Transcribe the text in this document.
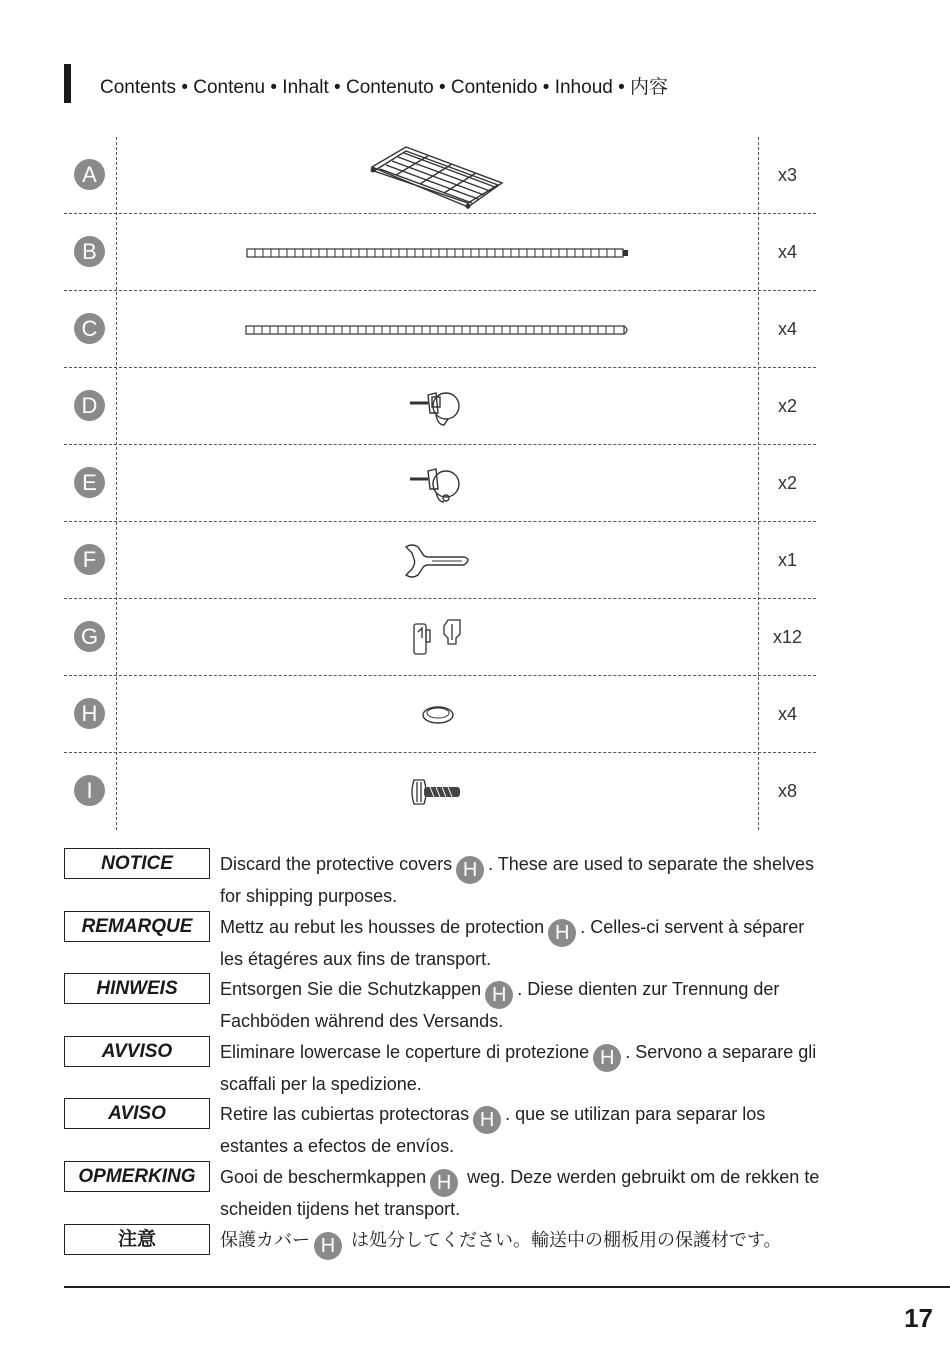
Contents • Contenu • Inhalt • Contenuto • Contenido • Inhoud • 内容
A	x3
B	x4
C	x4
D	x2
E	x2
F	x1
G	x12
H	x4
I	x8
NOTICE	Discard the protective covers H . These are used to separate the shelves for shipping purposes.
REMARQUE	Mettz au rebut les housses de protection H . Celles-ci servent à séparer les étagéres aux fins de transport.
HINWEIS	Entsorgen Sie die Schutzkappen H . Diese dienten zur Trennung der Fachböden während des Versands.
AVVISO	Eliminare lowercase le coperture di protezione H . Servono a separare gli scaffali per la spedizione.
AVISO	Retire las cubiertas protectoras H . que se utilizan para separar los estantes a efectos de envíos.
OPMERKING	Gooi de beschermkappen H weg. Deze werden gebruikt om de rekken te scheiden tijdens het transport.
注意	保護カバー H は処分してください。輸送中の棚板用の保護材です。
17
